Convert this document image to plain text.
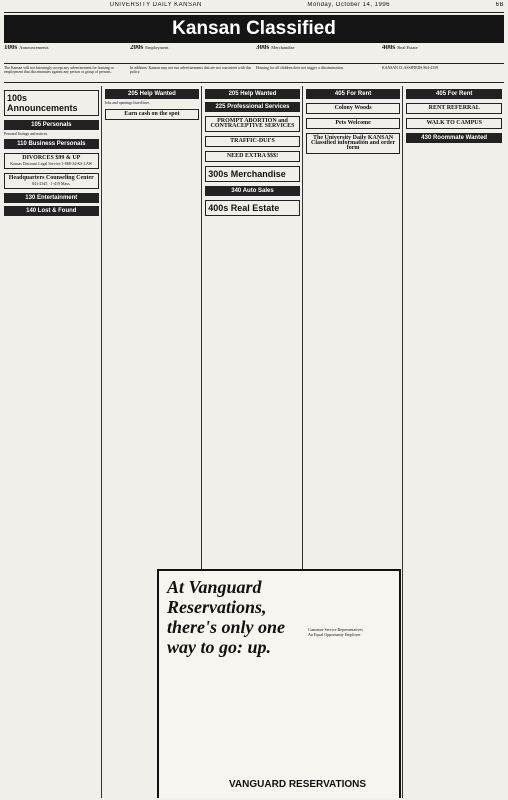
UNIVERSITY DAILY KANSAN	Monday, October 14, 1996	6B
Kansan Classified
100s Announcements	200s Employment	300s Merchandise	400s Real Estate
The Kansan will not knowingly accept any advertisement for housing or employment that discriminates against any person or group of persons.
In addition, Kansan may not run advertisements that are not consistent with this policy.
Housing for all children does not trigger a discrimination.	KANSAN CLASSIFIEDS 864-4358
100s Announcements
105 Personals

Personal listings and notices.

110 Business Personals
DIVORCES $99 & UP
Kansas Discount Legal Service 1-888-34-KS LAW
Headquarters Counseling Center
841-2345 · 1-419 Mass.
130 Entertainment
140 Lost & Found
205 Help Wanted

Jobs and openings listed here.

Earn cash on the spot
205 Help Wanted
225 Professional Services
PROMPT ABORTION and CONTRACEPTIVE SERVICES
TRAFFIC-DUI'S
NEED EXTRA $$$!
300s Merchandise
340 Auto Sales
400s Real Estate
405 For Rent
Colony Woods
Pets Welcome
The University Daily KANSAN Classified information and order form
405 For Rent
RENT REFERRAL
WALK TO CAMPUS
430 Roommate Wanted
At Vanguard Reservations, there's only one way to go: up.
Customer Service Representatives
An Equal Opportunity Employer
VANGUARD RESERVATIONS
